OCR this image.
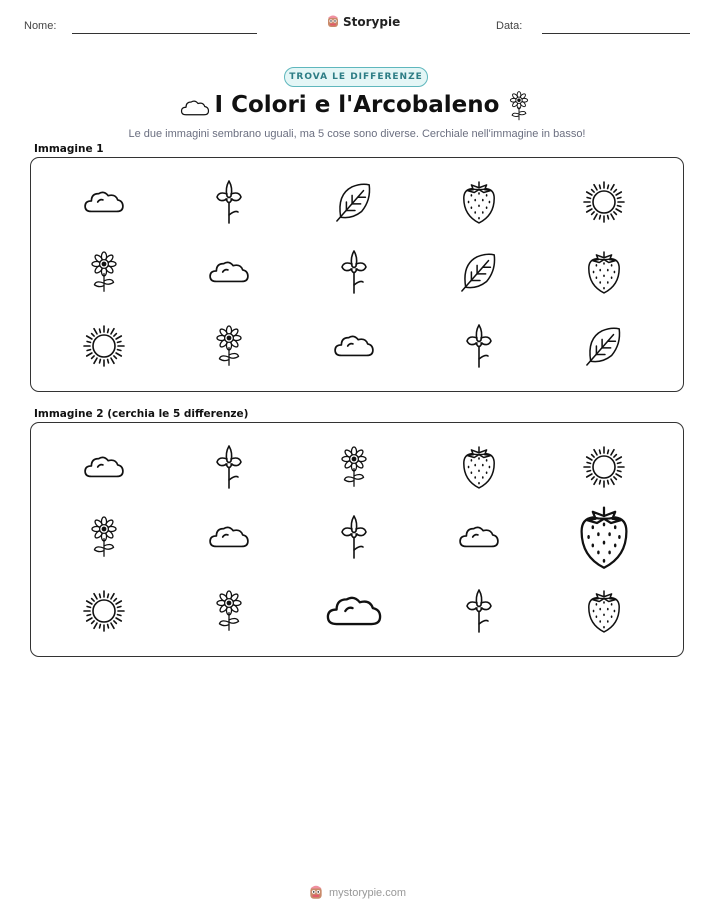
Nome:	Storypie	Data:
TROVA LE DIFFERENZE
I Colori e l'Arcobaleno
Le due immagini sembrano uguali, ma 5 cose sono diverse. Cerchiale nell'immagine in basso!
Immagine 1
Immagine 2 (cerchia le 5 differenze)
mystorypie.com
